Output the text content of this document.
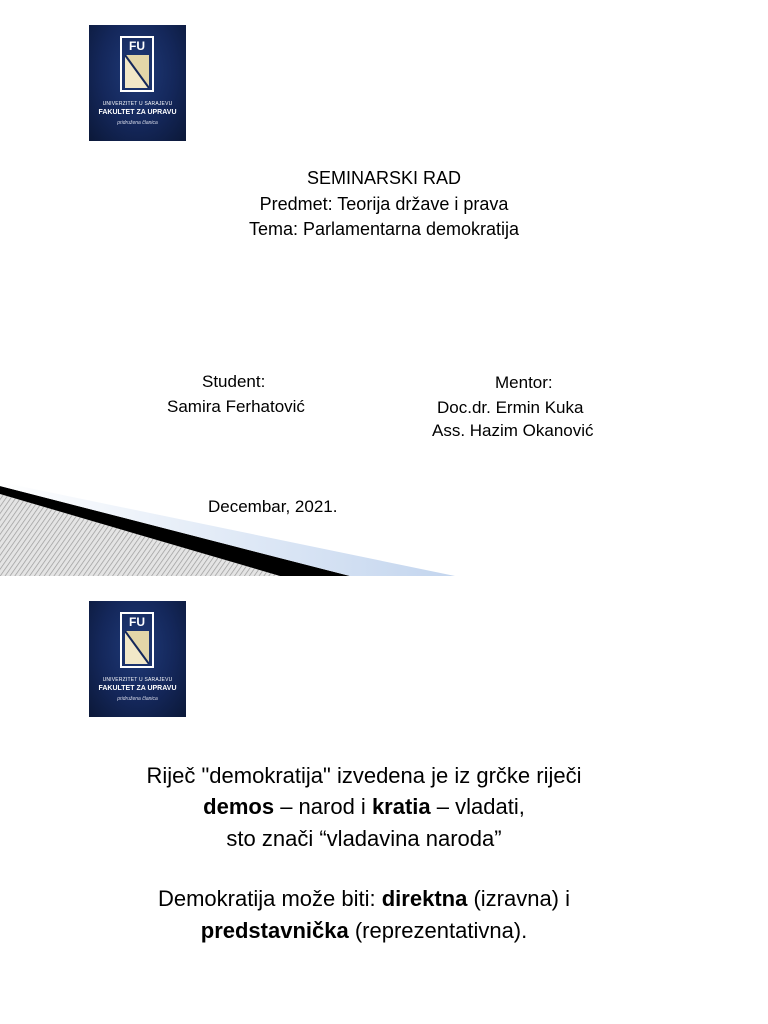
FU
UNIVERZITET U SARAJEVU
FAKULTET ZA UPRAVU
pridružena članica
SEMINARSKI RAD
Predmet: Teorija države i prava
Tema: Parlamentarna demokratija
Student:
Samira Ferhatović
Mentor:
Doc.dr. Ermin Kuka
Ass. Hazim Okanović
Decembar, 2021.
FU
UNIVERZITET U SARAJEVU
FAKULTET ZA UPRAVU
pridružena članica
Riječ "demokratija" izvedena je iz grčke riječi
demos – narod i kratia – vladati,
sto znači “vladavina naroda”
Demokratija može biti: direktna (izravna) i
predstavnička (reprezentativna).
